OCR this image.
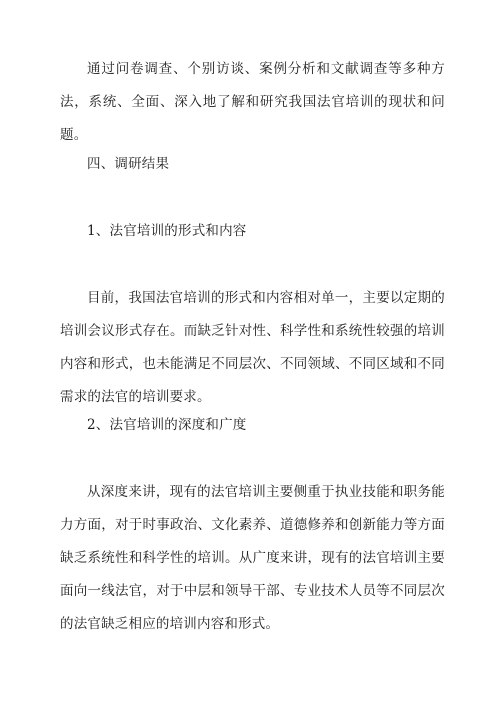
通过问卷调查、个别访谈、案例分析和文献调查等多种方法，系统、全面、深入地了解和研究我国法官培训的现状和问题。

四、调研结果

1、法官培训的形式和内容

目前，我国法官培训的形式和内容相对单一，主要以定期的培训会议形式存在。而缺乏针对性、科学性和系统性较强的培训内容和形式，也未能满足不同层次、不同领域、不同区域和不同需求的法官的培训要求。

2、法官培训的深度和广度

从深度来讲，现有的法官培训主要侧重于执业技能和职务能力方面，对于时事政治、文化素养、道德修养和创新能力等方面缺乏系统性和科学性的培训。从广度来讲，现有的法官培训主要面向一线法官，对于中层和领导干部、专业技术人员等不同层次的法官缺乏相应的培训内容和形式。
